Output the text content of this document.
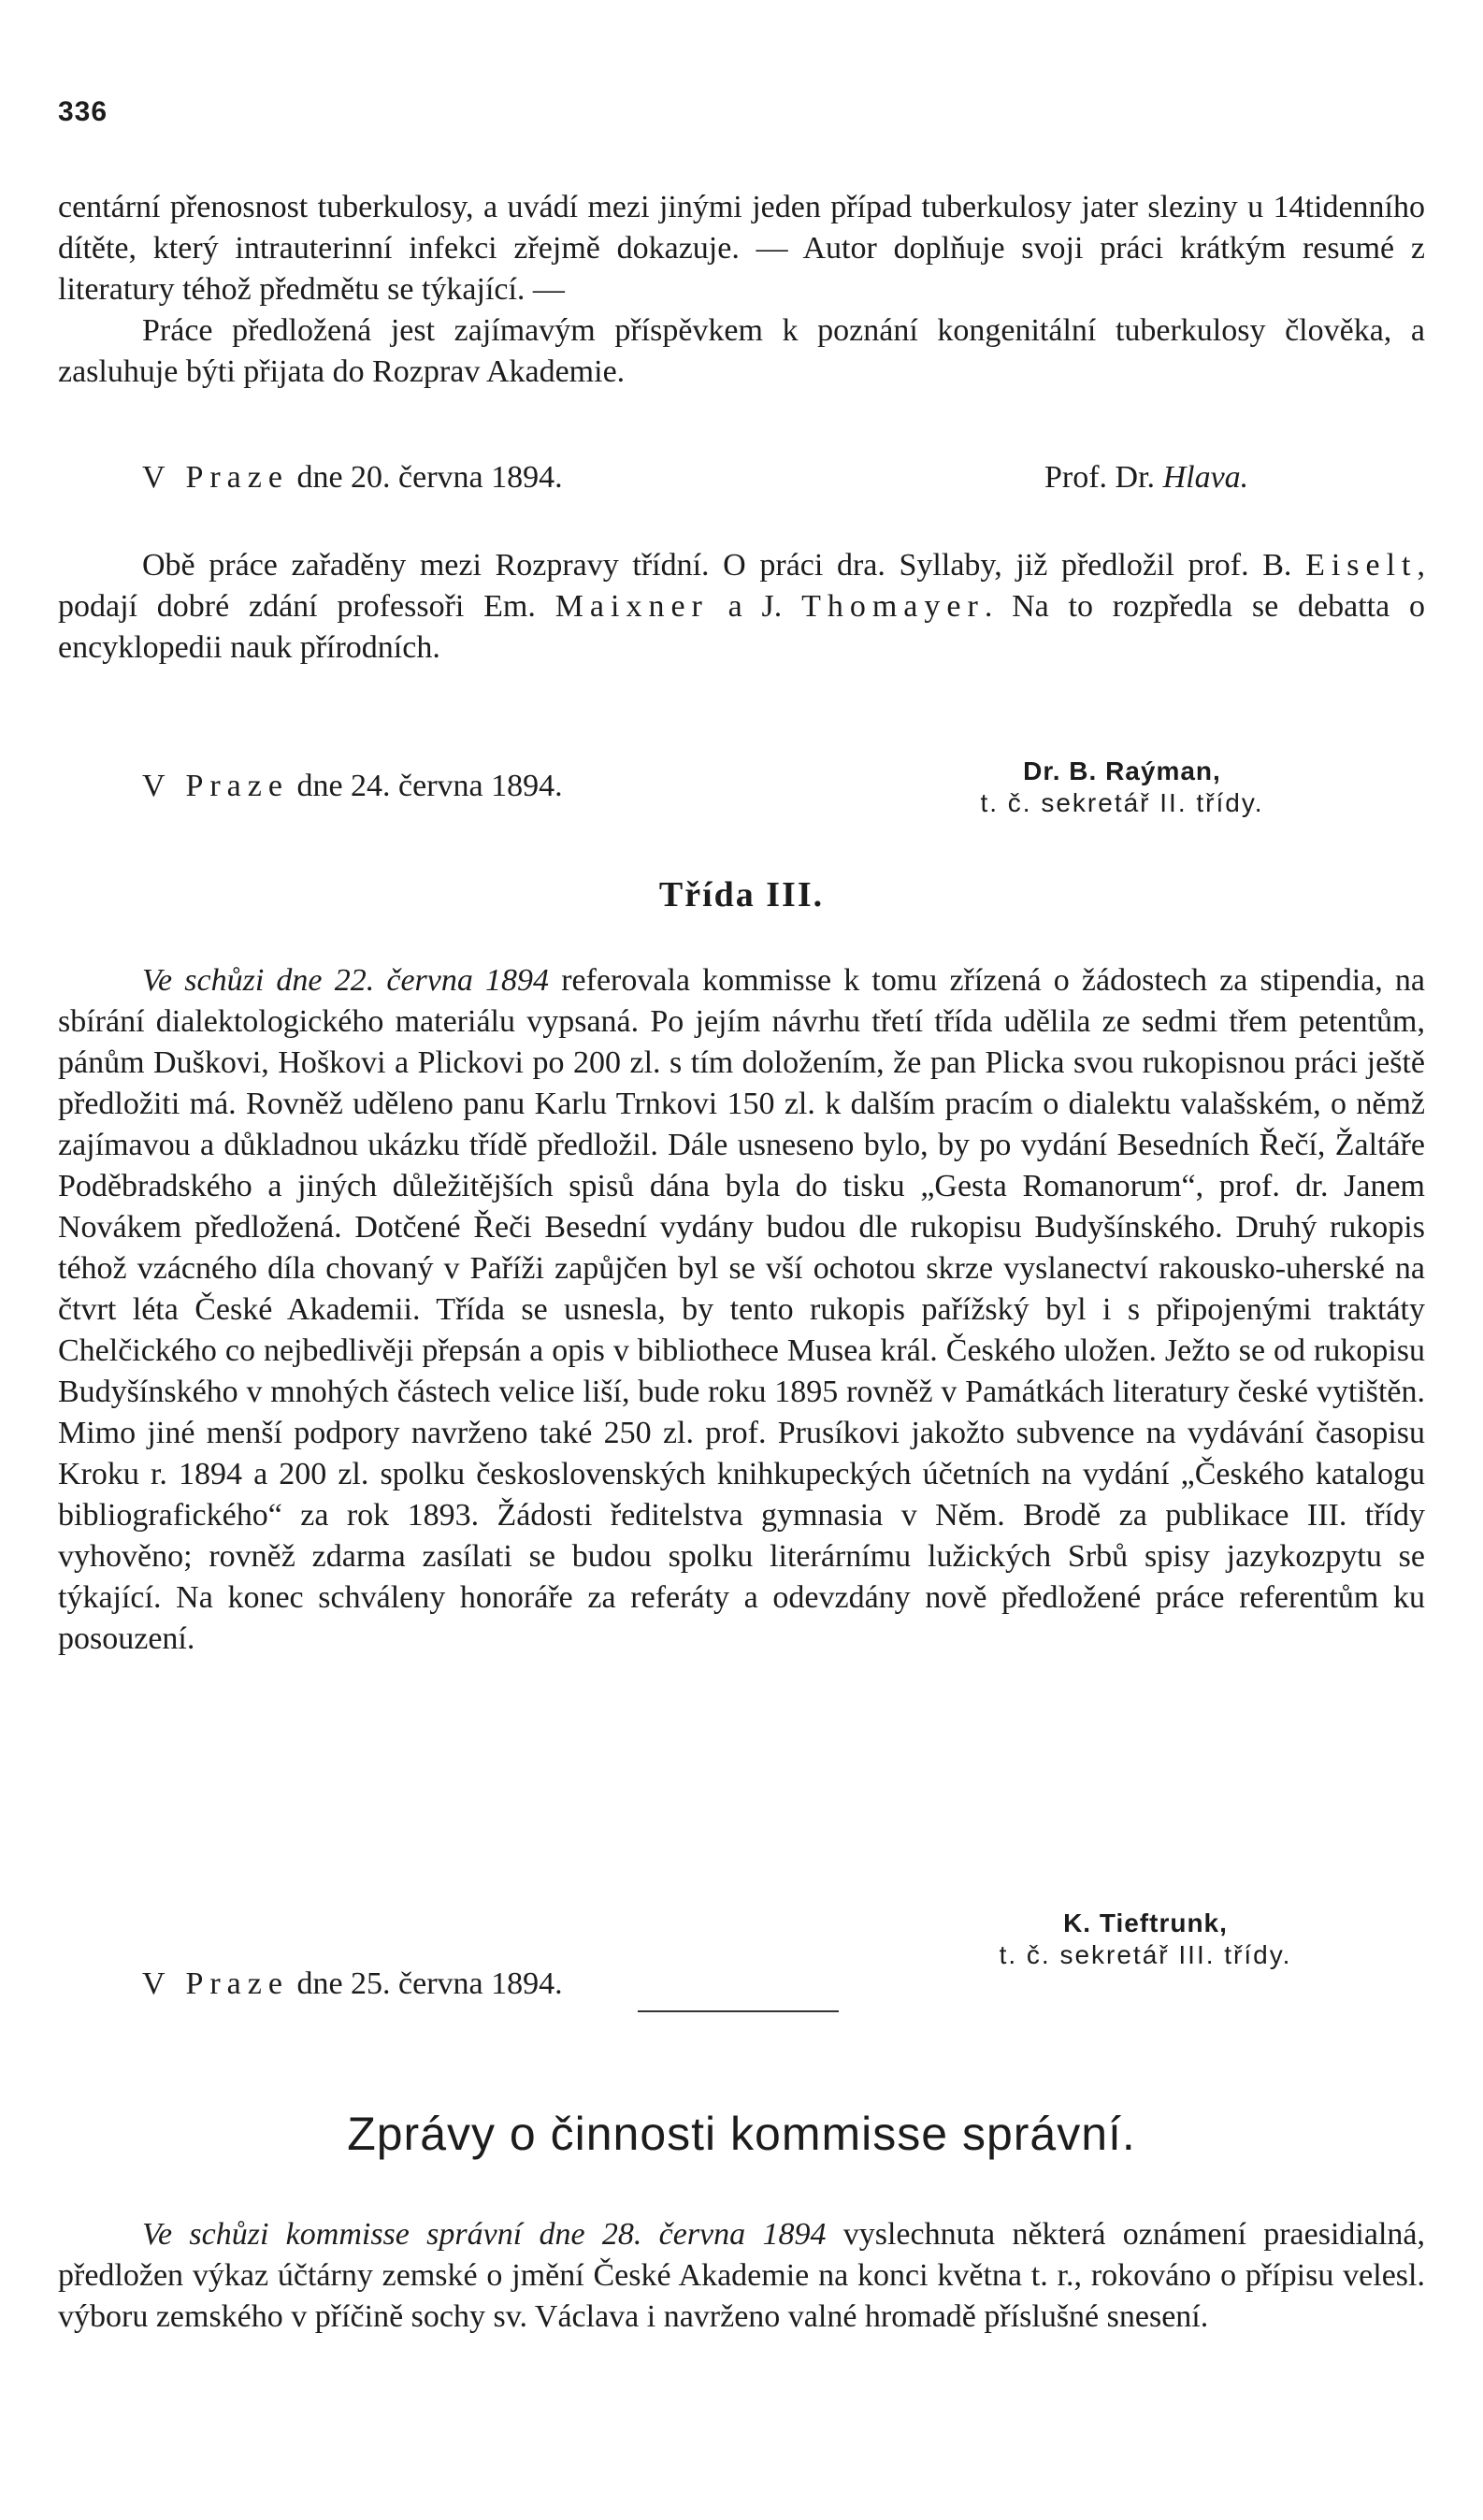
336

centární přenosnost tuberkulosy, a uvádí mezi jinými jeden případ tuberkulosy jater sleziny u 14tidenního dítěte, který intrauterinní infekci zřejmě dokazuje. — Autor doplňuje svoji práci krátkým resumé z literatury téhož předmětu se týkající. —

Práce předložená jest zajímavým příspěvkem k poznání kongenitální tuberkulosy člověka, a zasluhuje býti přijata do Rozprav Akademie.

V Praze dne 20. června 1894.	Prof. Dr. Hlava.

Obě práce zařaděny mezi Rozpravy třídní. O práci dra. Syllaby, již předložil prof. B. Eiselt, podají dobré zdání professoři Em. Maixner a J. Thomayer. Na to rozpředla se debatta o encyklopedii nauk přírodních.

V Praze dne 24. června 1894.	Dr. B. Raýman,
t. č. sekretář II. třídy.
Třída III.

Ve schůzi dne 22. června 1894 referovala kommisse k tomu zřízená o žádostech za stipendia, na sbírání dialektologického materiálu vypsaná. Po jejím návrhu třetí třída udělila ze sedmi třem petentům, pánům Duškovi, Hoškovi a Plickovi po 200 zl. s tím doložením, že pan Plicka svou rukopisnou práci ještě předložiti má. Rovněž uděleno panu Karlu Trnkovi 150 zl. k dalším pracím o dialektu valašském, o němž zajímavou a důkladnou ukázku třídě předložil. Dále usneseno bylo, by po vydání Besedních Řečí, Žaltáře Poděbradského a jiných důležitějších spisů dána byla do tisku „Gesta Romanorum“, prof. dr. Janem Novákem předložená. Dotčené Řeči Besední vydány budou dle rukopisu Budyšínského. Druhý rukopis téhož vzácného díla chovaný v Paříži zapůjčen byl se vší ochotou skrze vyslanectví rakousko-uherské na čtvrt léta České Akademii. Třída se usnesla, by tento rukopis pařížský byl i s připojenými traktáty Chelčického co nejbedlivěji přepsán a opis v bibliothece Musea král. Českého uložen. Ježto se od rukopisu Budyšínského v mnohých částech velice liší, bude roku 1895 rovněž v Památkách literatury české vytištěn. Mimo jiné menší podpory navrženo také 250 zl. prof. Prusíkovi jakožto subvence na vydávání časopisu Kroku r. 1894 a 200 zl. spolku československých knihkupeckých účetních na vydání „Českého katalogu bibliografického“ za rok 1893. Žádosti ředitelstva gymnasia v Něm. Brodě za publikace III. třídy vyhověno; rovněž zdarma zasílati se budou spolku literárnímu lužických Srbů spisy jazykozpytu se týkající. Na konec schváleny honoráře za referáty a odevzdány nově předložené práce referentům ku posouzení.

V Praze dne 25. června 1894.
K. Tieftrunk,
t. č. sekretář III. třídy.
Zprávy o činnosti kommisse správní.

Ve schůzi kommisse správní dne 28. června 1894 vyslechnuta některá oznámení praesidialná, předložen výkaz účtárny zemské o jmění České Akademie na konci května t. r., rokováno o přípisu velesl. výboru zemského v příčině sochy sv. Václava i navrženo valné hromadě příslušné snesení.
